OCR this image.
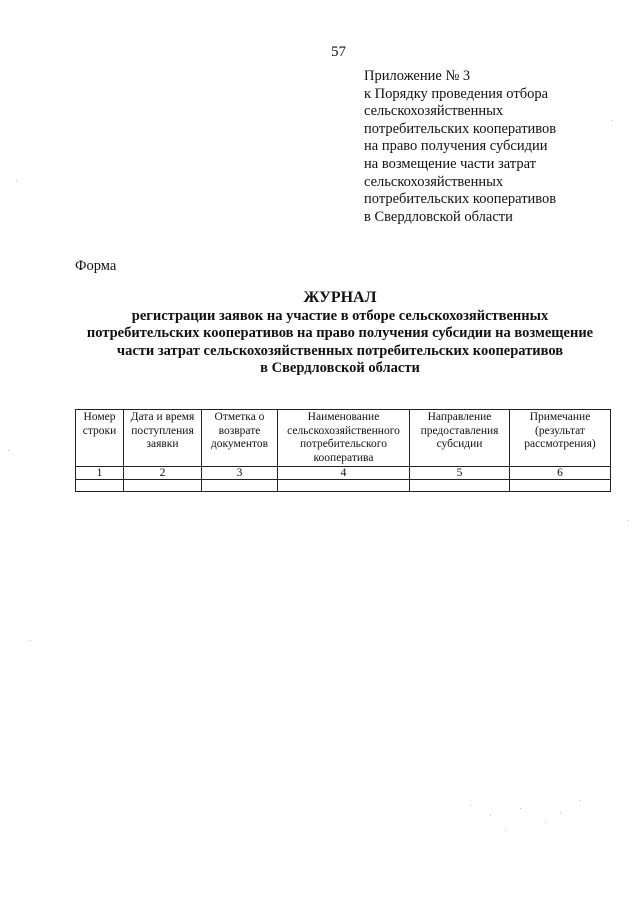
57
Приложение № 3
к Порядку проведения отбора
сельскохозяйственных
потребительских кооперативов
на право получения субсидии
на возмещение части затрат
сельскохозяйственных
потребительских кооперативов
в Свердловской области
Форма
ЖУРНАЛ
регистрации заявок на участие в отборе сельскохозяйственных
потребительских кооперативов на право получения субсидии на возмещение
части затрат сельскохозяйственных потребительских кооперативов
в Свердловской области
Номер строки	Дата и время поступления заявки	Отметка о возврате документов	Наименование сельскохозяйственного потребительского кооператива	Направление предоставления субсидии	Примечание (результат рассмотрения)
1	2	3	4	5	6
